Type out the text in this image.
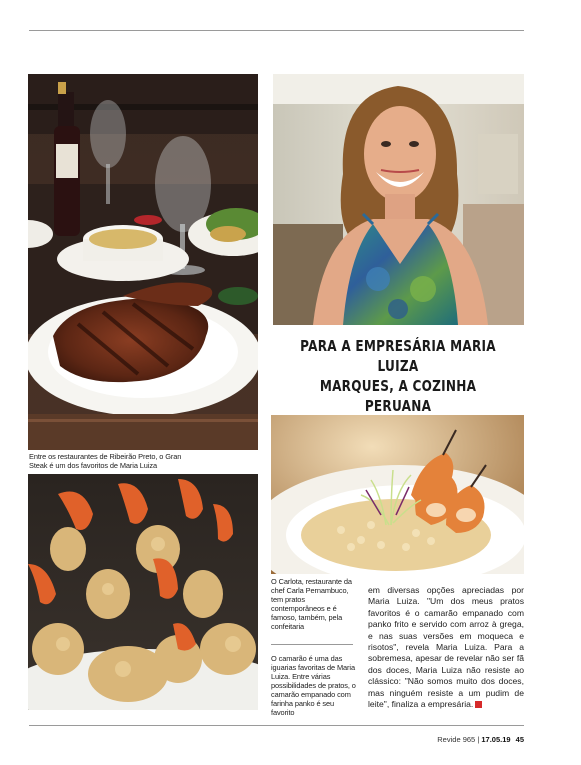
Entre os restaurantes de Ribeirão Preto, o Gran Steak é um dos favoritos de Maria Luiza
PARA A EMPRESÁRIA MARIA LUIZA
MARQUES, A COZINHA PERUANA
O Carlota, restaurante da chef Carla Pernambuco, tem pratos contemporâneos e é famoso, também, pela confeitaria
O camarão é uma das iguarias favoritas de Maria Luiza. Entre várias possibilidades de pratos, o camarão empanado com farinha panko é seu favorito
em diversas opções apreciadas por Maria Luiza. "Um dos meus pratos favoritos é o camarão empanado com panko frito e servido com arroz à grega, e nas suas versões em moqueca e risotos", revela Maria Luiza. Para a sobremesa, apesar de revelar não ser fã dos doces, Maria Luiza não resiste ao clássico: "Não somos muito dos doces, mas ninguém resiste a um pudim de leite", finaliza a empresária.
Revide 965 | 17.05.19 45
